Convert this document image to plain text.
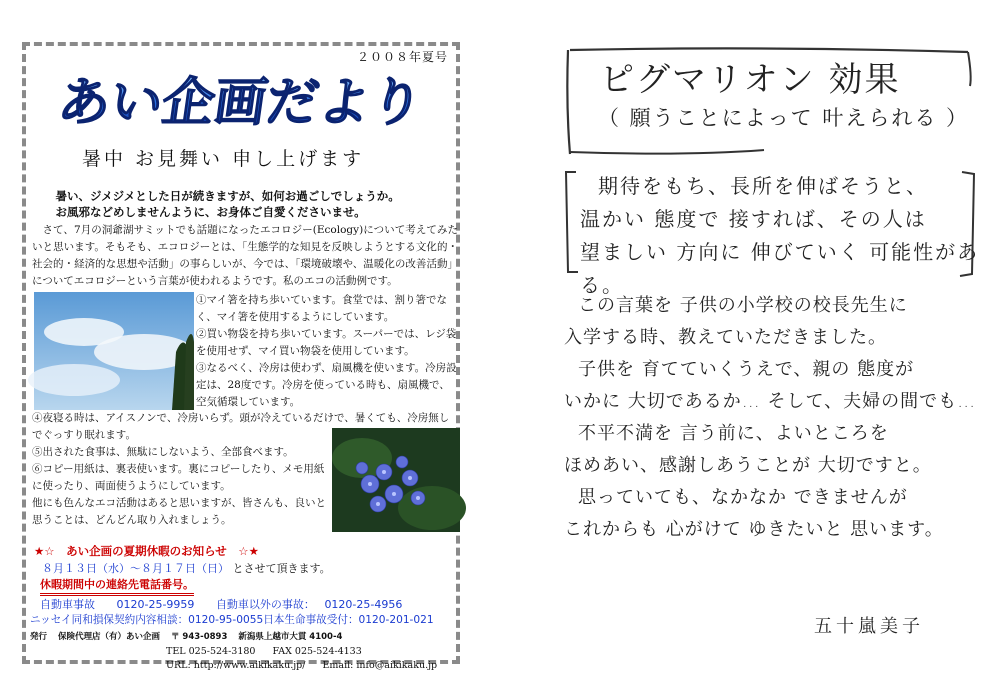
２００８年夏号
あい企画だより
暑中 お見舞い 申し上げます
暑い、ジメジメとした日が続きますが、如何お過ごしでしょうか。
お風邪などめしませんように、お身体ご自愛くださいませ。
さて、7月の洞爺湖サミットでも話題になったエコロジー(Ecology)について考えてみたいと思います。そもそも、エコロジーとは、「生態学的な知見を反映しようとする文化的・社会的・経済的な思想や活動」の事らしいが、今では、「環境破壊や、温暖化の改善活動」についてエコロジーという言葉が使われるようです。私のエコの活動例です。
①マイ箸を持ち歩いています。食堂では、割り箸でなく、マイ箸を使用するようにしています。
②買い物袋を持ち歩いています。スーパーでは、レジ袋を使用せず、マイ買い物袋を使用しています。
③なるべく、冷房は使わず、扇風機を使います。冷房設定は、28度です。冷房を使っている時も、扇風機で、空気循環しています。
④夜寝る時は、アイスノンで、冷房いらず。頭が冷えているだけで、暑くても、冷房無しでぐっすり眠れます。
⑤出された食事は、無駄にしないよう、全部食べます。
⑥コピー用紙は、裏表使います。裏にコピーしたり、メモ用紙に使ったり、両面使うようにしています。
他にも色んなエコ活動はあると思いますが、皆さんも、良いと思うことは、どんどん取り入れましょう。
★☆　あい企画の夏期休暇のお知らせ　☆★
８月１３日（水）～８月１７日（日） とさせて頂きます。
休暇期間中の連絡先電話番号。
自動車事故 0120-25-9959 自動車以外の事故： 0120-25-4956
ニッセイ同和損保契約内容相談：0120-95-0055日本生命事故受付：0120-201-021
発行 保険代理店（有）あい企画 〒 943-0893 新潟県上越市大貫 4100-4
TEL 025-524-3180 FAX 025-524-4133
URL: http://www.aikikaku.jp/ Email: info@aikikaku.jp
ピグマリオン 効果
（ 願うことによって 叶えられる ）
期待をもち、長所を伸ばそうと、
温かい 態度で 接すれば、その人は
望ましい 方向に 伸びていく 可能性がある。
この言葉を 子供の小学校の校長先生に
入学する時、教えていただきました。
子供を 育てていくうえで、親の 態度が
いかに 大切であるか… そして、夫婦の間でも…
不平不満を 言う前に、よいところを
ほめあい、感謝しあうことが 大切ですと。
思っていても、なかなか できませんが
これからも 心がけて ゆきたいと 思います。
五十嵐美子
